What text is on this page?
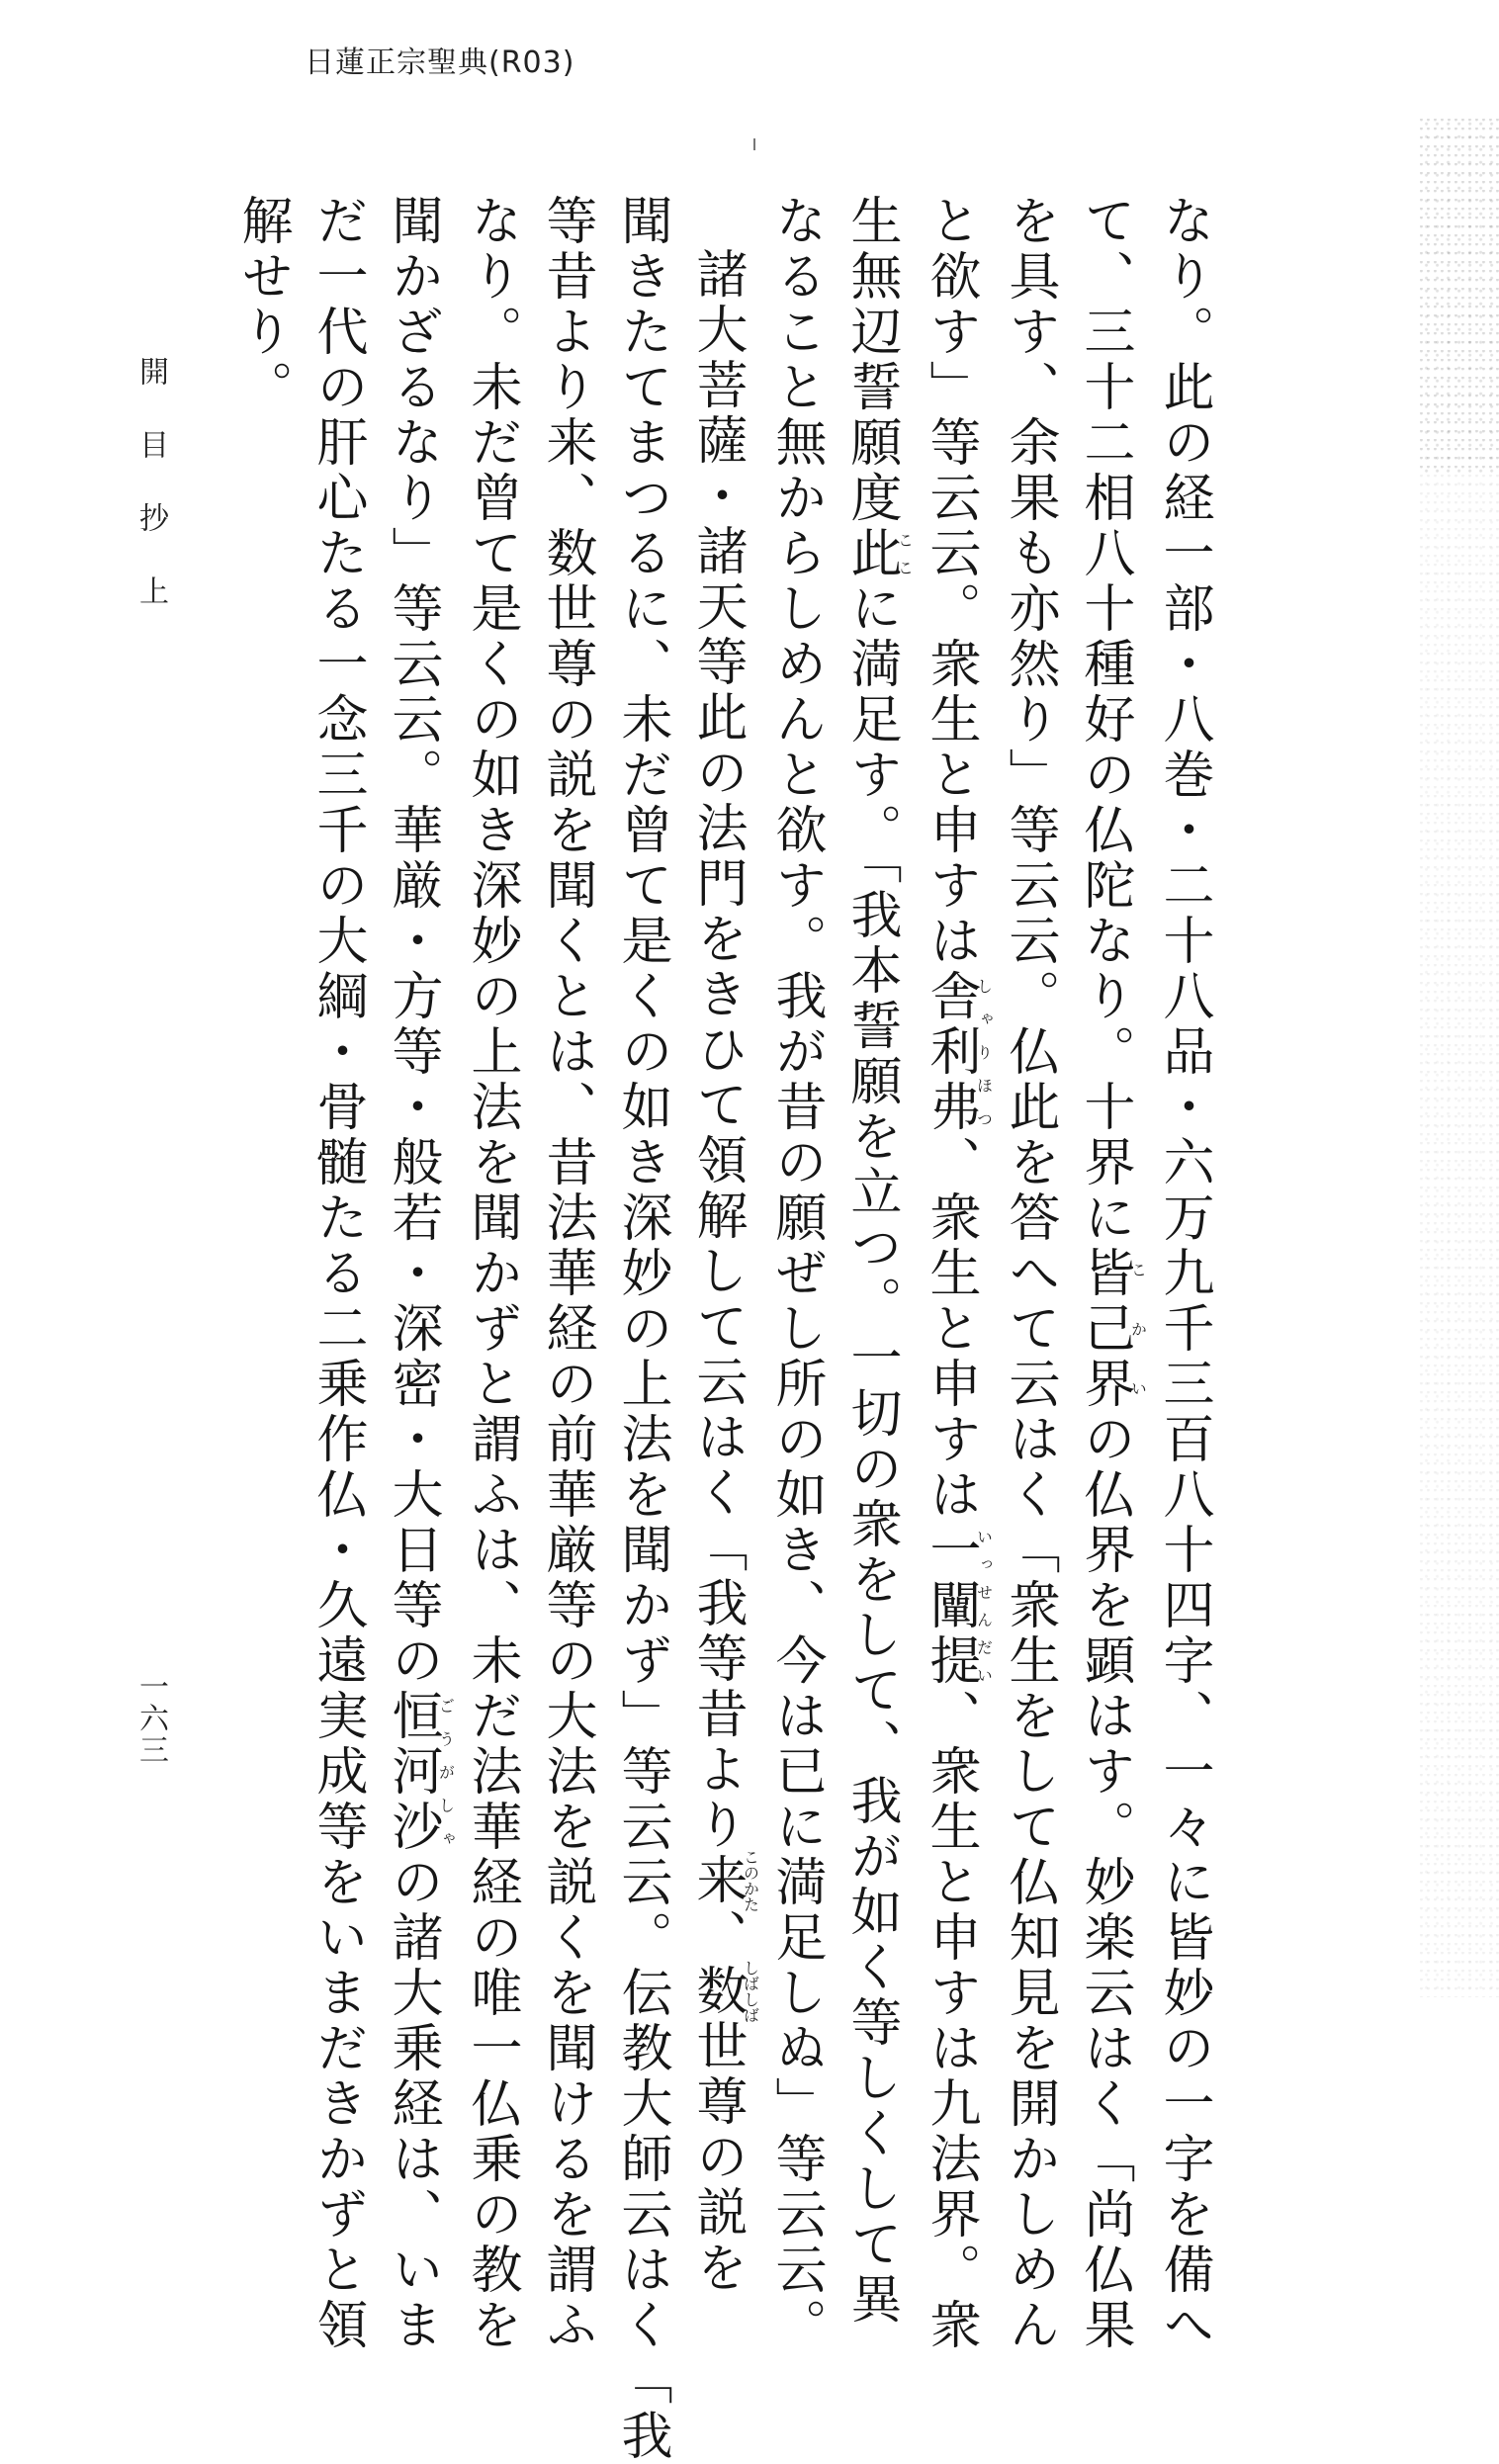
日蓮正宗聖典(R03)
なり。此の経一部・八巻・二十八品・六万九千三百八十四字、一々に皆妙の一字を備へ
て、三十二相八十種好の仏陀なり。十界に皆己界こかいの仏界を顕はす。妙楽云はく「尚仏果
を具す、余果も亦然り」等云云。仏此を答へて云はく「衆生をして仏知見を開かしめん
と欲す」等云云。衆生と申すは舎利弗しゃりほつ、衆生と申すは一闡提いっせんだい、衆生と申すは九法界。衆
生無辺誓願度此ここに満足す。「我本誓願を立つ。一切の衆をして、我が如く等しくして異
なること無からしめんと欲す。我が昔の願ぜし所の如き、今は已に満足しぬ」等云云。
諸大菩薩・諸天等此の法門をきひて領解して云はく「我等昔より来このかた、数しばしば世尊の説を
聞きたてまつるに、未だ曾て是くの如き深妙の上法を聞かず」等云云。伝教大師云はく「我
等昔より来、数世尊の説を聞くとは、昔法華経の前華厳等の大法を説くを聞けるを謂ふ
なり。未だ曾て是くの如き深妙の上法を聞かずと謂ふは、未だ法華経の唯一仏乗の教を
聞かざるなり」等云云。華厳・方等・般若・深密・大日等の恒河沙ごうがしゃの諸大乗経は、いま
だ一代の肝心たる一念三千の大綱・骨髄たる二乗作仏・久遠実成等をいまだきかずと領
解せり。
開目抄上
一六三
